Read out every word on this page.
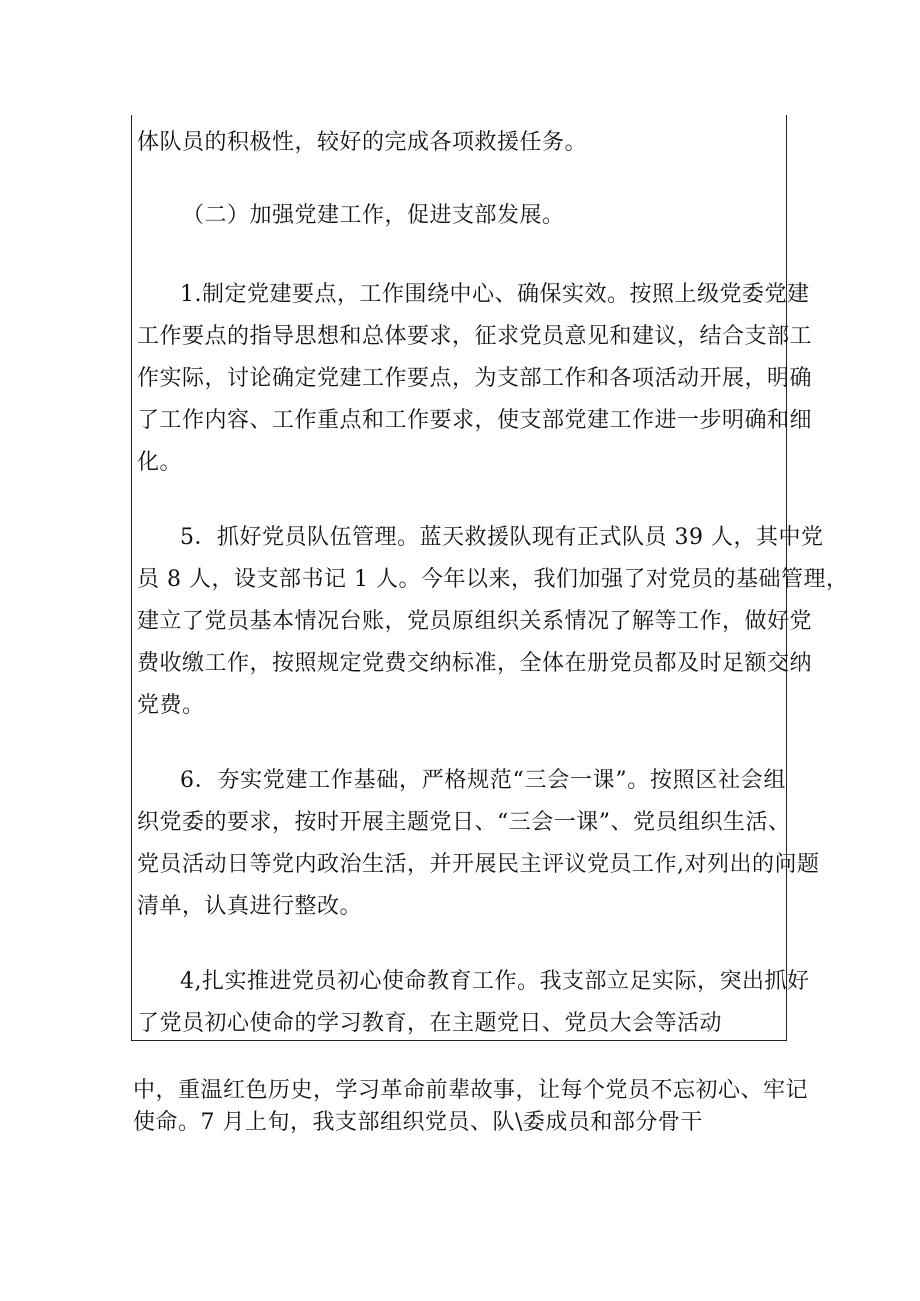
体队员的积极性，较好的完成各项救援任务。
（二）加强党建工作，促进支部发展。
1.制定党建要点，工作围绕中心、确保实效。按照上级党委党建
工作要点的指导思想和总体要求，征求党员意见和建议，结合支部工
作实际，讨论确定党建工作要点，为支部工作和各项活动开展，明确
了工作内容、工作重点和工作要求，使支部党建工作进一步明确和细
化。
5．抓好党员队伍管理。蓝天救援队现有正式队员 39 人，其中党
员 8 人，设支部书记 1 人。今年以来，我们加强了对党员的基础管理，
建立了党员基本情况台账，党员原组织关系情况了解等工作，做好党
费收缴工作，按照规定党费交纳标准，全体在册党员都及时足额交纳
党费。
6．夯实党建工作基础，严格规范“三会一课”。按照区社会组
织党委的要求，按时开展主题党日、“三会一课”、党员组织生活、
党员活动日等党内政治生活，并开展民主评议党员工作,对列出的问题
清单，认真进行整改。
4,扎实推进党员初心使命教育工作。我支部立足实际，突出抓好
了党员初心使命的学习教育，在主题党日、党员大会等活动
中，重温红色历史，学习革命前辈故事，让每个党员不忘初心、牢记
使命。7 月上旬，我支部组织党员、队\委成员和部分骨干
